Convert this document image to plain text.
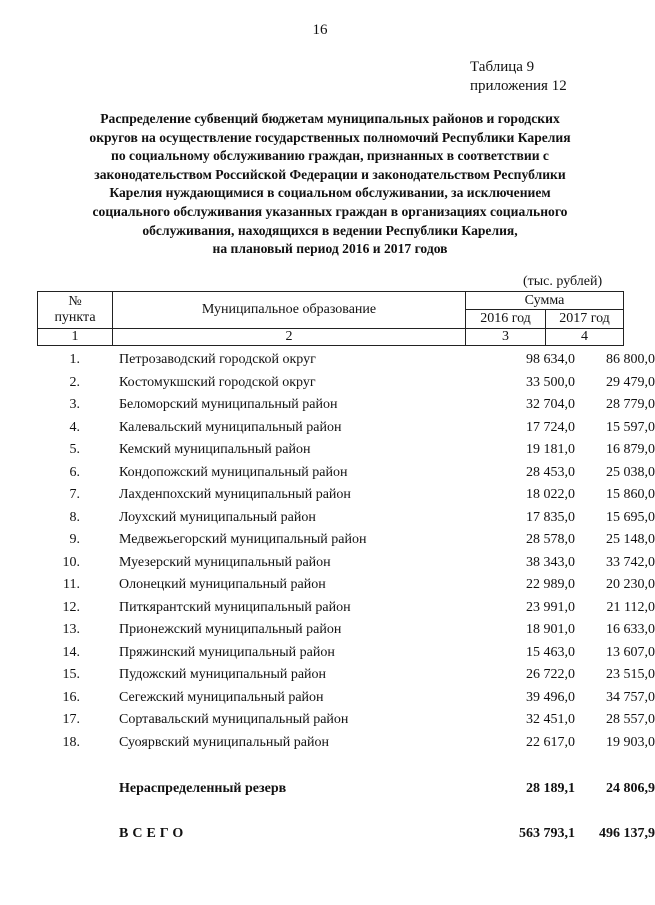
16
Таблица 9
приложения 12
Распределение субвенций бюджетам муниципальных районов и городских
округов на осуществление государственных полномочий Республики Карелия
по социальному обслуживанию граждан, признанных в соответствии с
законодательством Российской Федерации и законодательством Республики
Карелия нуждающимися в социальном обслуживании, за исключением
социального обслуживания указанных граждан в организациях социального
обслуживания, находящихся в ведении Республики Карелия,
на плановый период 2016 и 2017 годов
(тыс. рублей)
№
пункта	Муниципальное образование	Сумма	
		2016 год	2017 год
1	2	3	4
1.	Петрозаводский городской округ	98 634,0	86 800,0
2.	Костомукшский городской округ	33 500,0	29 479,0
3.	Беломорский муниципальный район	32 704,0	28 779,0
4.	Калевальский муниципальный район	17 724,0	15 597,0
5.	Кемский муниципальный район	19 181,0	16 879,0
6.	Кондопожский муниципальный район	28 453,0	25 038,0
7.	Лахденпохский муниципальный район	18 022,0	15 860,0
8.	Лоухский муниципальный район	17 835,0	15 695,0
9.	Медвежьегорский муниципальный район	28 578,0	25 148,0
10.	Муезерский муниципальный район	38 343,0	33 742,0
11.	Олонецкий муниципальный район	22 989,0	20 230,0
12.	Питкярантский муниципальный район	23 991,0	21 112,0
13.	Прионежский муниципальный район	18 901,0	16 633,0
14.	Пряжинский муниципальный район	15 463,0	13 607,0
15.	Пудожский муниципальный район	26 722,0	23 515,0
16.	Сегежский муниципальный район	39 496,0	34 757,0
17.	Сортавальский муниципальный район	32 451,0	28 557,0
18.	Суоярвский муниципальный район	22 617,0	19 903,0
Нераспределенный резерв	28 189,1	24 806,9
ВСЕГО	563 793,1	496 137,9
